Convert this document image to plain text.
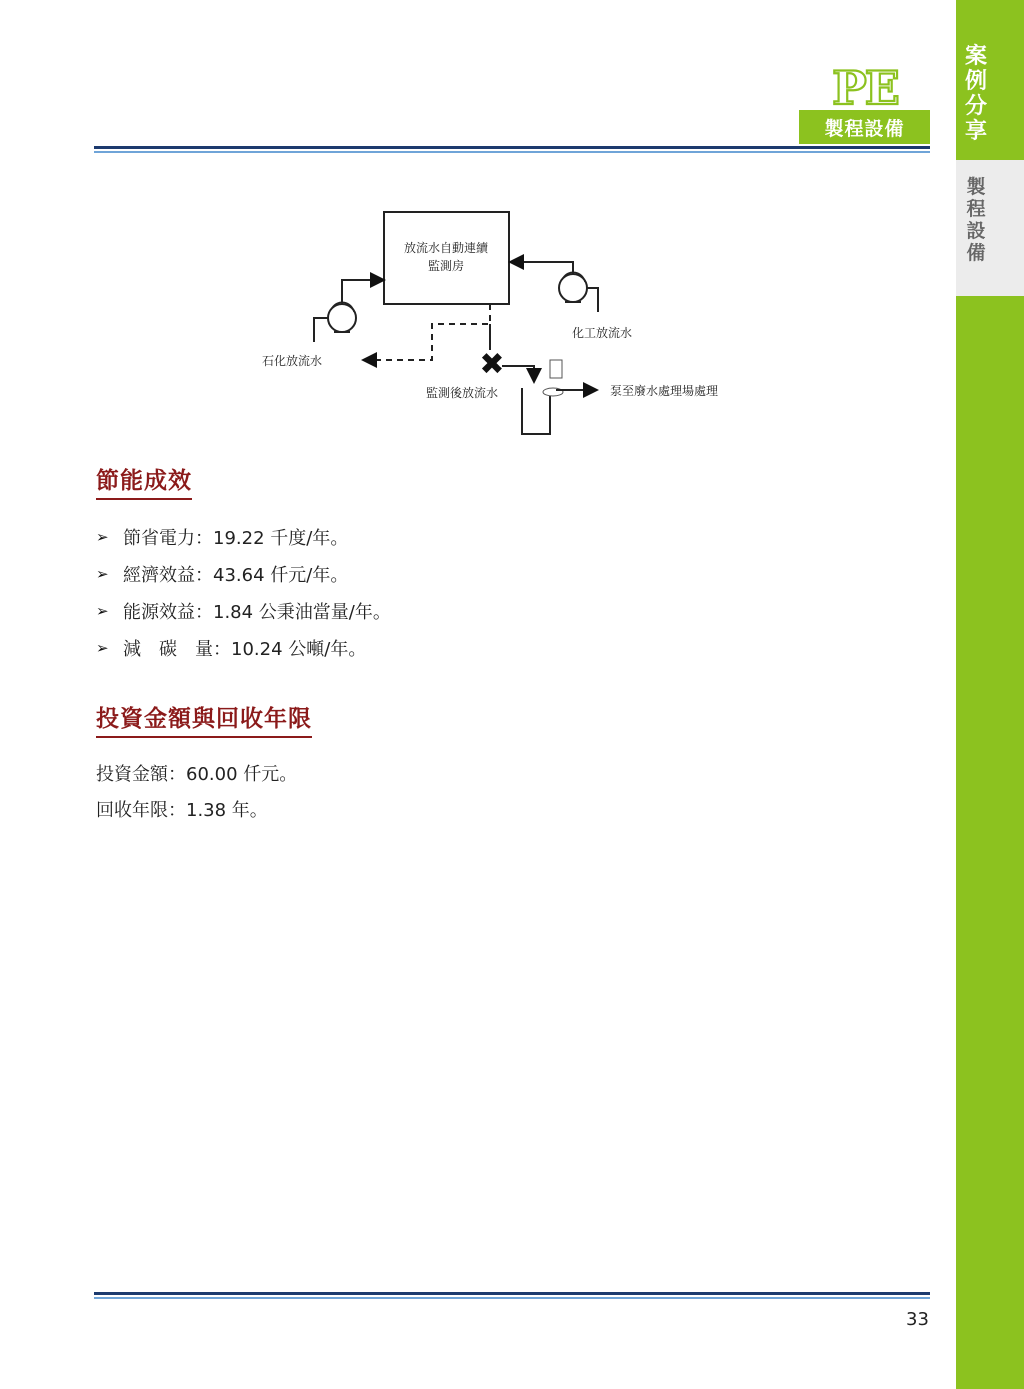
案
例
分
享
製
程
設
備
PE
製程設備
放流水自動連續
監測房
化工放流水
石化放流水	✖
監測後放流水	泵至廢水處理場處理
節能成效
➢ 節省電力 ： 19.22 千度/年。
➢ 經濟效益 ： 43.64 仟元/年。
➢ 能源效益 ： 1.84 公秉油當量/年。
➢ 減　碳　量 ： 10.24 公噸/年。
投資金額與回收年限
投資金額：60.00 仟元。
回收年限：1.38 年。
33
